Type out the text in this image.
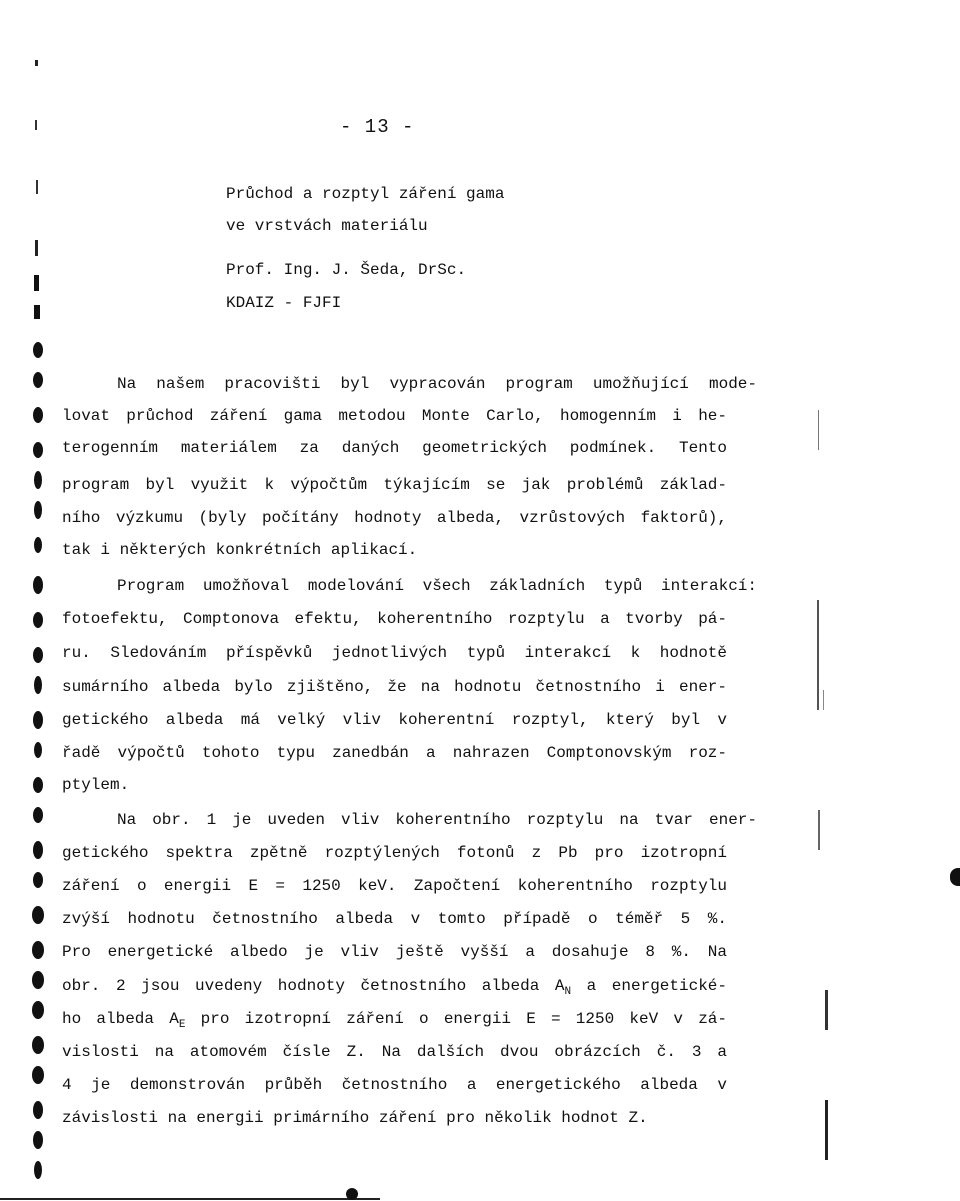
- 13 -
Průchod a rozptyl záření gama
ve vrstvách materiálu
Prof. Ing. J. Šeda, DrSc.
KDAIZ - FJFI
Na našem pracovišti byl vypracován program umožňující mode-
lovat průchod záření gama metodou Monte Carlo, homogenním i he-
terogenním materiálem za daných geometrických podmínek. Tento
program byl využit k výpočtům týkajícím se jak problémů základ-
ního výzkumu (byly počítány hodnoty albeda, vzrůstových faktorů),
tak i některých konkrétních aplikací.
Program umožňoval modelování všech základních typů interakcí:
fotoefektu, Comptonova efektu, koherentního rozptylu a tvorby pá-
ru. Sledováním příspěvků jednotlivých typů interakcí k hodnotě
sumárního albeda bylo zjištěno, že na hodnotu četnostního i ener-
getického albeda má velký vliv koherentní rozptyl, který byl v
řadě výpočtů tohoto typu zanedbán a nahrazen Comptonovským roz-
ptylem.
Na obr. 1 je uveden vliv koherentního rozptylu na tvar ener-
getického spektra zpětně rozptýlených fotonů z Pb pro izotropní
záření o energii E = 1250 keV. Započtení koherentního rozptylu
zvýší hodnotu četnostního albeda v tomto případě o téměř 5 %.
Pro energetické albedo je vliv ještě vyšší a dosahuje 8 %. Na
obr. 2 jsou uvedeny hodnoty četnostního albeda $A_N$ a energetické-
ho albeda $A_E$ pro izotropní záření o energii E = 1250 keV v zá-
vislosti na atomovém čísle Z. Na dalších dvou obrázcích č. 3 a
4 je demonstrován průběh četnostního a energetického albeda v
závislosti na energii primárního záření pro několik hodnot Z.
